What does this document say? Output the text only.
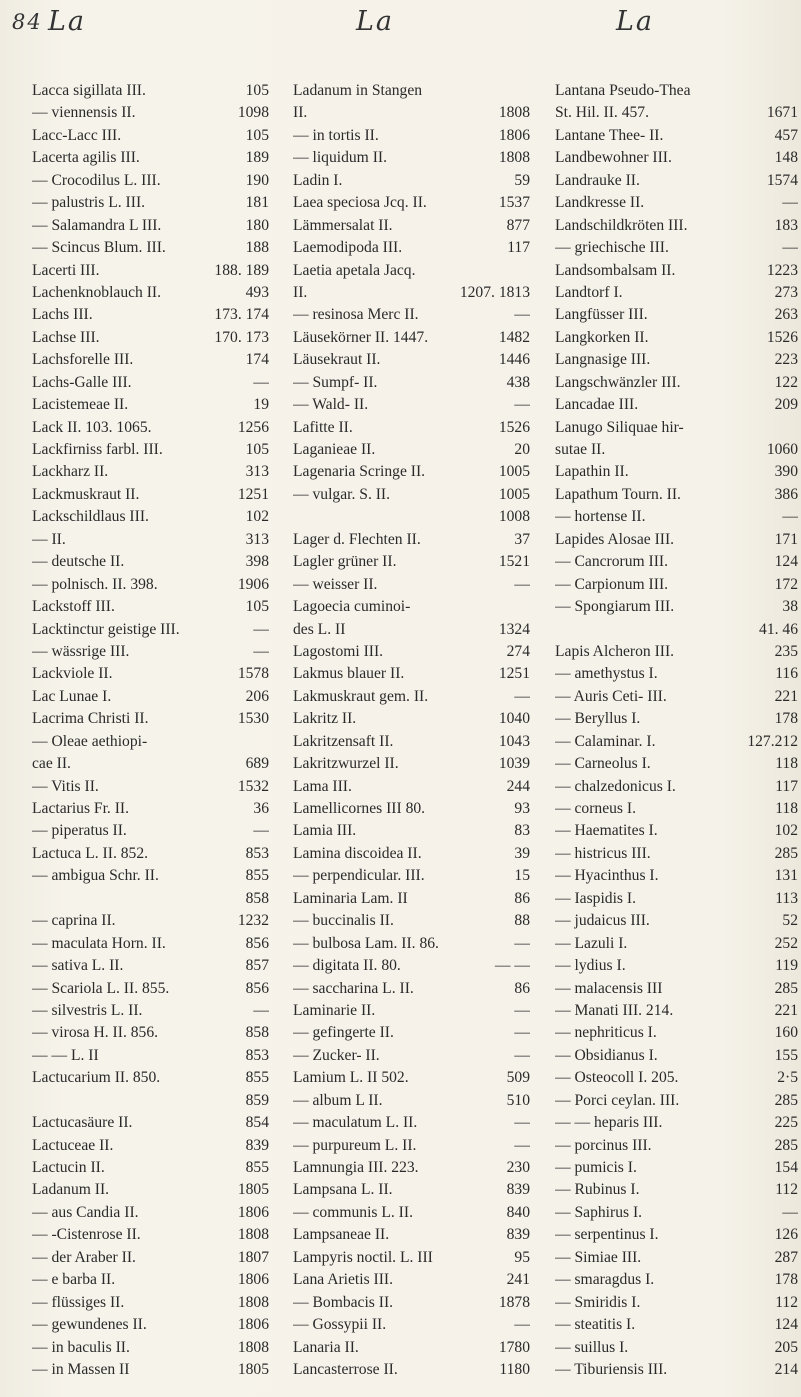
84 La	La	La
Lacca sigillata III.	105
— viennensis II.	1098
Lacc-Lacc III.	105
Lacerta agilis III.	189
— Crocodilus L. III.	190
— palustris L. III.	181
— Salamandra L III.	180
— Scincus Blum. III.	188
Lacerti III.	188. 189
Lachenknoblauch II.	493
Lachs III.	173. 174
Lachse III.	170. 173
Lachsforelle III.	174
Lachs-Galle III.	—
Lacistemeae II.	19
Lack II. 103. 1065.	1256
Lackfirniss farbl. III.	105
Lackharz II.	313
Lackmuskraut II.	1251
Lackschildlaus III.	102
— II.	313
— deutsche II.	398
— polnisch. II. 398.	1906
Lackstoff III.	105
Lacktinctur geistige III.	—
— wässrige III.	—
Lackviole II.	1578
Lac Lunae I.	206
Lacrima Christi II.	1530
— Oleae aethiopi-
cae II.	689
— Vitis II.	1532
Lactarius Fr. II.	36
— piperatus II.	—
Lactuca L. II. 852.	853
— ambigua Schr. II.	855
858
— caprina II.	1232
— maculata Horn. II.	856
— sativa L. II.	857
— Scariola L. II. 855.	856
— silvestris L. II.	—
— virosa H. II. 856.	858
— — L. II	853
Lactucarium II. 850.	855
859
Lactucasäure II.	854
Lactuceae II.	839
Lactucin II.	855
Ladanum II.	1805
— aus Candia II.	1806
— -Cistenrose II.	1808
— der Araber II.	1807
— e barba II.	1806
— flüssiges II.	1808
— gewundenes II.	1806
— in baculis II.	1808
— in Massen II	1805
Ladanum in Stangen
II.	1808
— in tortis II.	1806
— liquidum II.	1808
Ladin I.	59
Laea speciosa Jcq. II.	1537
Lämmersalat II.	877
Laemodipoda III.	117
Laetia apetala Jacq.
II.	1207. 1813
— resinosa Merc II.	—
Läusekörner II. 1447.	1482
Läusekraut II.	1446
— Sumpf- II.	438
— Wald- II.	—
Lafitte II.	1526
Laganieae II.	20
Lagenaria Scringe II.	1005
— vulgar. S. II.	1005
1008
Lager d. Flechten II.	37
Lagler grüner II.	1521
— weisser II.	—
Lagoecia cuminoi-
des L. II	1324
Lagostomi III.	274
Lakmus blauer II.	1251
Lakmuskraut gem. II.	—
Lakritz II.	1040
Lakritzensaft II.	1043
Lakritzwurzel II.	1039
Lama III.	244
Lamellicornes III 80.	93
Lamia III.	83
Lamina discoidea II.	39
— perpendicular. III.	15
Laminaria Lam. II	86
— buccinalis II.	88
— bulbosa Lam. II. 86.	—
— digitata II. 80.	— —
— saccharina L. II.	86
Laminarie II.	—
— gefingerte II.	—
— Zucker- II.	—
Lamium L. II 502.	509
— album L II.	510
— maculatum L. II.	—
— purpureum L. II.	—
Lamnungia III. 223.	230
Lampsana L. II.	839
— communis L. II.	840
Lampsaneae II.	839
Lampyris noctil. L. III	95
Lana Arietis III.	241
— Bombacis II.	1878
— Gossypii II.	—
Lanaria II.	1780
Lancasterrose II.	1180
Lantana Pseudo-Thea
St. Hil. II. 457.	1671
Lantane Thee- II.	457
Landbewohner III.	148
Landrauke II.	1574
Landkresse II.	—
Landschildkröten III.	183
— griechische III.	—
Landsombalsam II.	1223
Landtorf I.	273
Langfüsser III.	263
Langkorken II.	1526
Langnasige III.	223
Langschwänzler III.	122
Lancadae III.	209
Lanugo Siliquae hir-
sutae II.	1060
Lapathin II.	390
Lapathum Tourn. II.	386
— hortense II.	—
Lapides Alosae III.	171
— Cancrorum III.	124
— Carpionum III.	172
— Spongiarum III.	38
41. 46
Lapis Alcheron III.	235
— amethystus I.	116
— Auris Ceti- III.	221
— Beryllus I.	178
— Calaminar. I.	127.212
— Carneolus I.	118
— chalzedonicus I.	117
— corneus I.	118
— Haematites I.	102
— histricus III.	285
— Hyacinthus I.	131
— Iaspidis I.	113
— judaicus III.	52
— Lazuli I.	252
— lydius I.	119
— malacensis III	285
— Manati III. 214.	221
— nephriticus I.	160
— Obsidianus I.	155
— Osteocoll I. 205.	2·5
— Porci ceylan. III.	285
— — heparis III.	225
— porcinus III.	285
— pumicis I.	154
— Rubinus I.	112
— Saphirus I.	—
— serpentinus I.	126
— Simiae III.	287
— smaragdus I.	178
— Smiridis I.	112
— steatitis I.	124
— suillus I.	205
— Tiburiensis III.	214
